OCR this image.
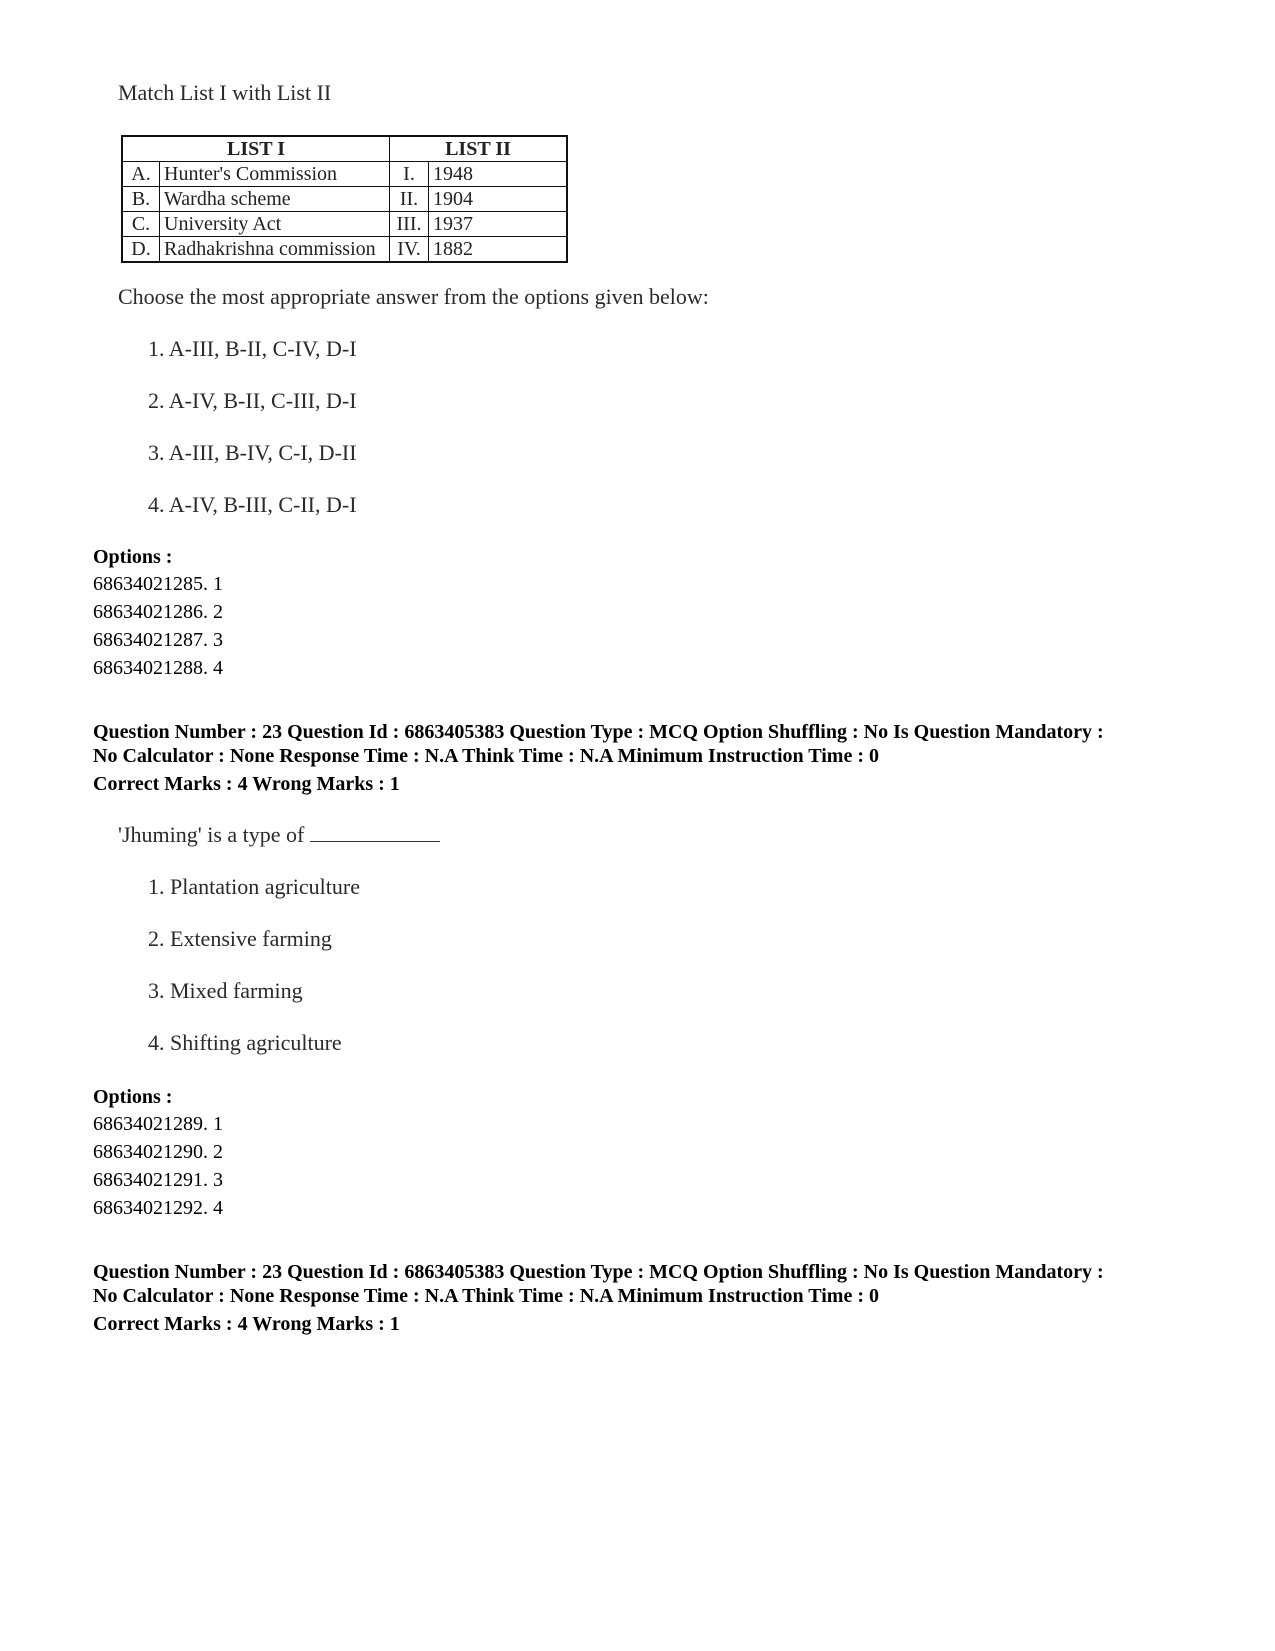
Match List I with List II
LIST I		LIST II	
A.	Hunter's Commission	I.	1948
B.	Wardha scheme	II.	1904
C.	University Act	III.	1937
D.	Radhakrishna commission	IV.	1882
Choose the most appropriate answer from the options given below:
1. A-III, B-II, C-IV, D-I
2. A-IV, B-II, C-III, D-I
3. A-III, B-IV, C-I, D-II
4. A-IV, B-III, C-II, D-I
Options :
68634021285. 1
68634021286. 2
68634021287. 3
68634021288. 4
Question Number : 23 Question Id : 6863405383 Question Type : MCQ Option Shuffling : No Is Question Mandatory :
No Calculator : None Response Time : N.A Think Time : N.A Minimum Instruction Time : 0
Correct Marks : 4 Wrong Marks : 1
'Jhuming' is a type of
1. Plantation agriculture
2. Extensive farming
3. Mixed farming
4. Shifting agriculture
Options :
68634021289. 1
68634021290. 2
68634021291. 3
68634021292. 4
Question Number : 23 Question Id : 6863405383 Question Type : MCQ Option Shuffling : No Is Question Mandatory :
No Calculator : None Response Time : N.A Think Time : N.A Minimum Instruction Time : 0
Correct Marks : 4 Wrong Marks : 1
